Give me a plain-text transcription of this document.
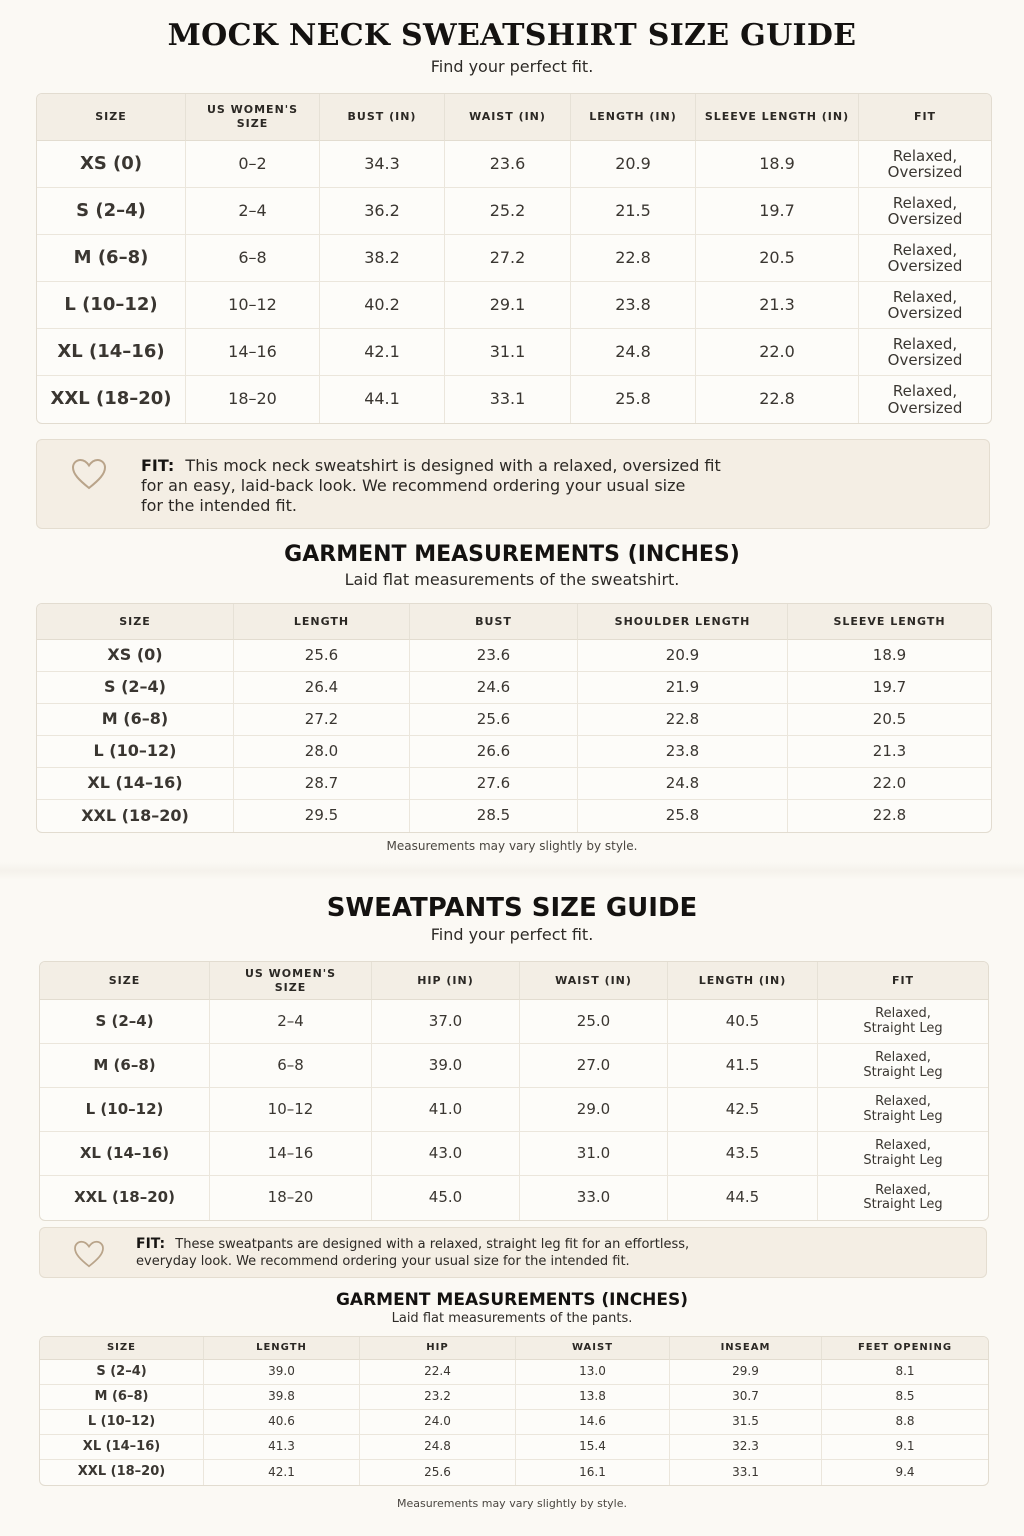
MOCK NECK SWEATSHIRT SIZE GUIDE
Find your perfect fit.
SIZE	US WOMEN'S SIZE	BUST (IN)	WAIST (IN)	LENGTH (IN)	SLEEVE LENGTH (IN)	FIT
XS (0)	0–2	34.3	23.6	20.9	18.9	Relaxed, Oversized
S (2–4)	2–4	36.2	25.2	21.5	19.7	Relaxed, Oversized
M (6–8)	6–8	38.2	27.2	22.8	20.5	Relaxed, Oversized
L (10–12)	10–12	40.2	29.1	23.8	21.3	Relaxed, Oversized
XL (14–16)	14–16	42.1	31.1	24.8	22.0	Relaxed, Oversized
XXL (18–20)	18–20	44.1	33.1	25.8	22.8	Relaxed, Oversized
FIT: This mock neck sweatshirt is designed with a relaxed, oversized fit
for an easy, laid-back look. We recommend ordering your usual size
for the intended fit.
GARMENT MEASUREMENTS (INCHES)
Laid flat measurements of the sweatshirt.
SIZE	LENGTH	BUST	SHOULDER LENGTH	SLEEVE LENGTH
XS (0)	25.6	23.6	20.9	18.9
S (2–4)	26.4	24.6	21.9	19.7
M (6–8)	27.2	25.6	22.8	20.5
L (10–12)	28.0	26.6	23.8	21.3
XL (14–16)	28.7	27.6	24.8	22.0
XXL (18–20)	29.5	28.5	25.8	22.8
Measurements may vary slightly by style.
SWEATPANTS SIZE GUIDE
Find your perfect fit.
SIZE	US WOMEN'S SIZE	HIP (IN)	WAIST (IN)	LENGTH (IN)	FIT
S (2–4)	2–4	37.0	25.0	40.5	Relaxed, Straight Leg
M (6–8)	6–8	39.0	27.0	41.5	Relaxed, Straight Leg
L (10–12)	10–12	41.0	29.0	42.5	Relaxed, Straight Leg
XL (14–16)	14–16	43.0	31.0	43.5	Relaxed, Straight Leg
XXL (18–20)	18–20	45.0	33.0	44.5	Relaxed, Straight Leg
FIT: These sweatpants are designed with a relaxed, straight leg fit for an effortless,
everyday look. We recommend ordering your usual size for the intended fit.
GARMENT MEASUREMENTS (INCHES)
Laid flat measurements of the pants.
SIZE	LENGTH	HIP	WAIST	INSEAM	FEET OPENING
S (2–4)	39.0	22.4	13.0	29.9	8.1
M (6–8)	39.8	23.2	13.8	30.7	8.5
L (10–12)	40.6	24.0	14.6	31.5	8.8
XL (14–16)	41.3	24.8	15.4	32.3	9.1
XXL (18–20)	42.1	25.6	16.1	33.1	9.4
Measurements may vary slightly by style.
